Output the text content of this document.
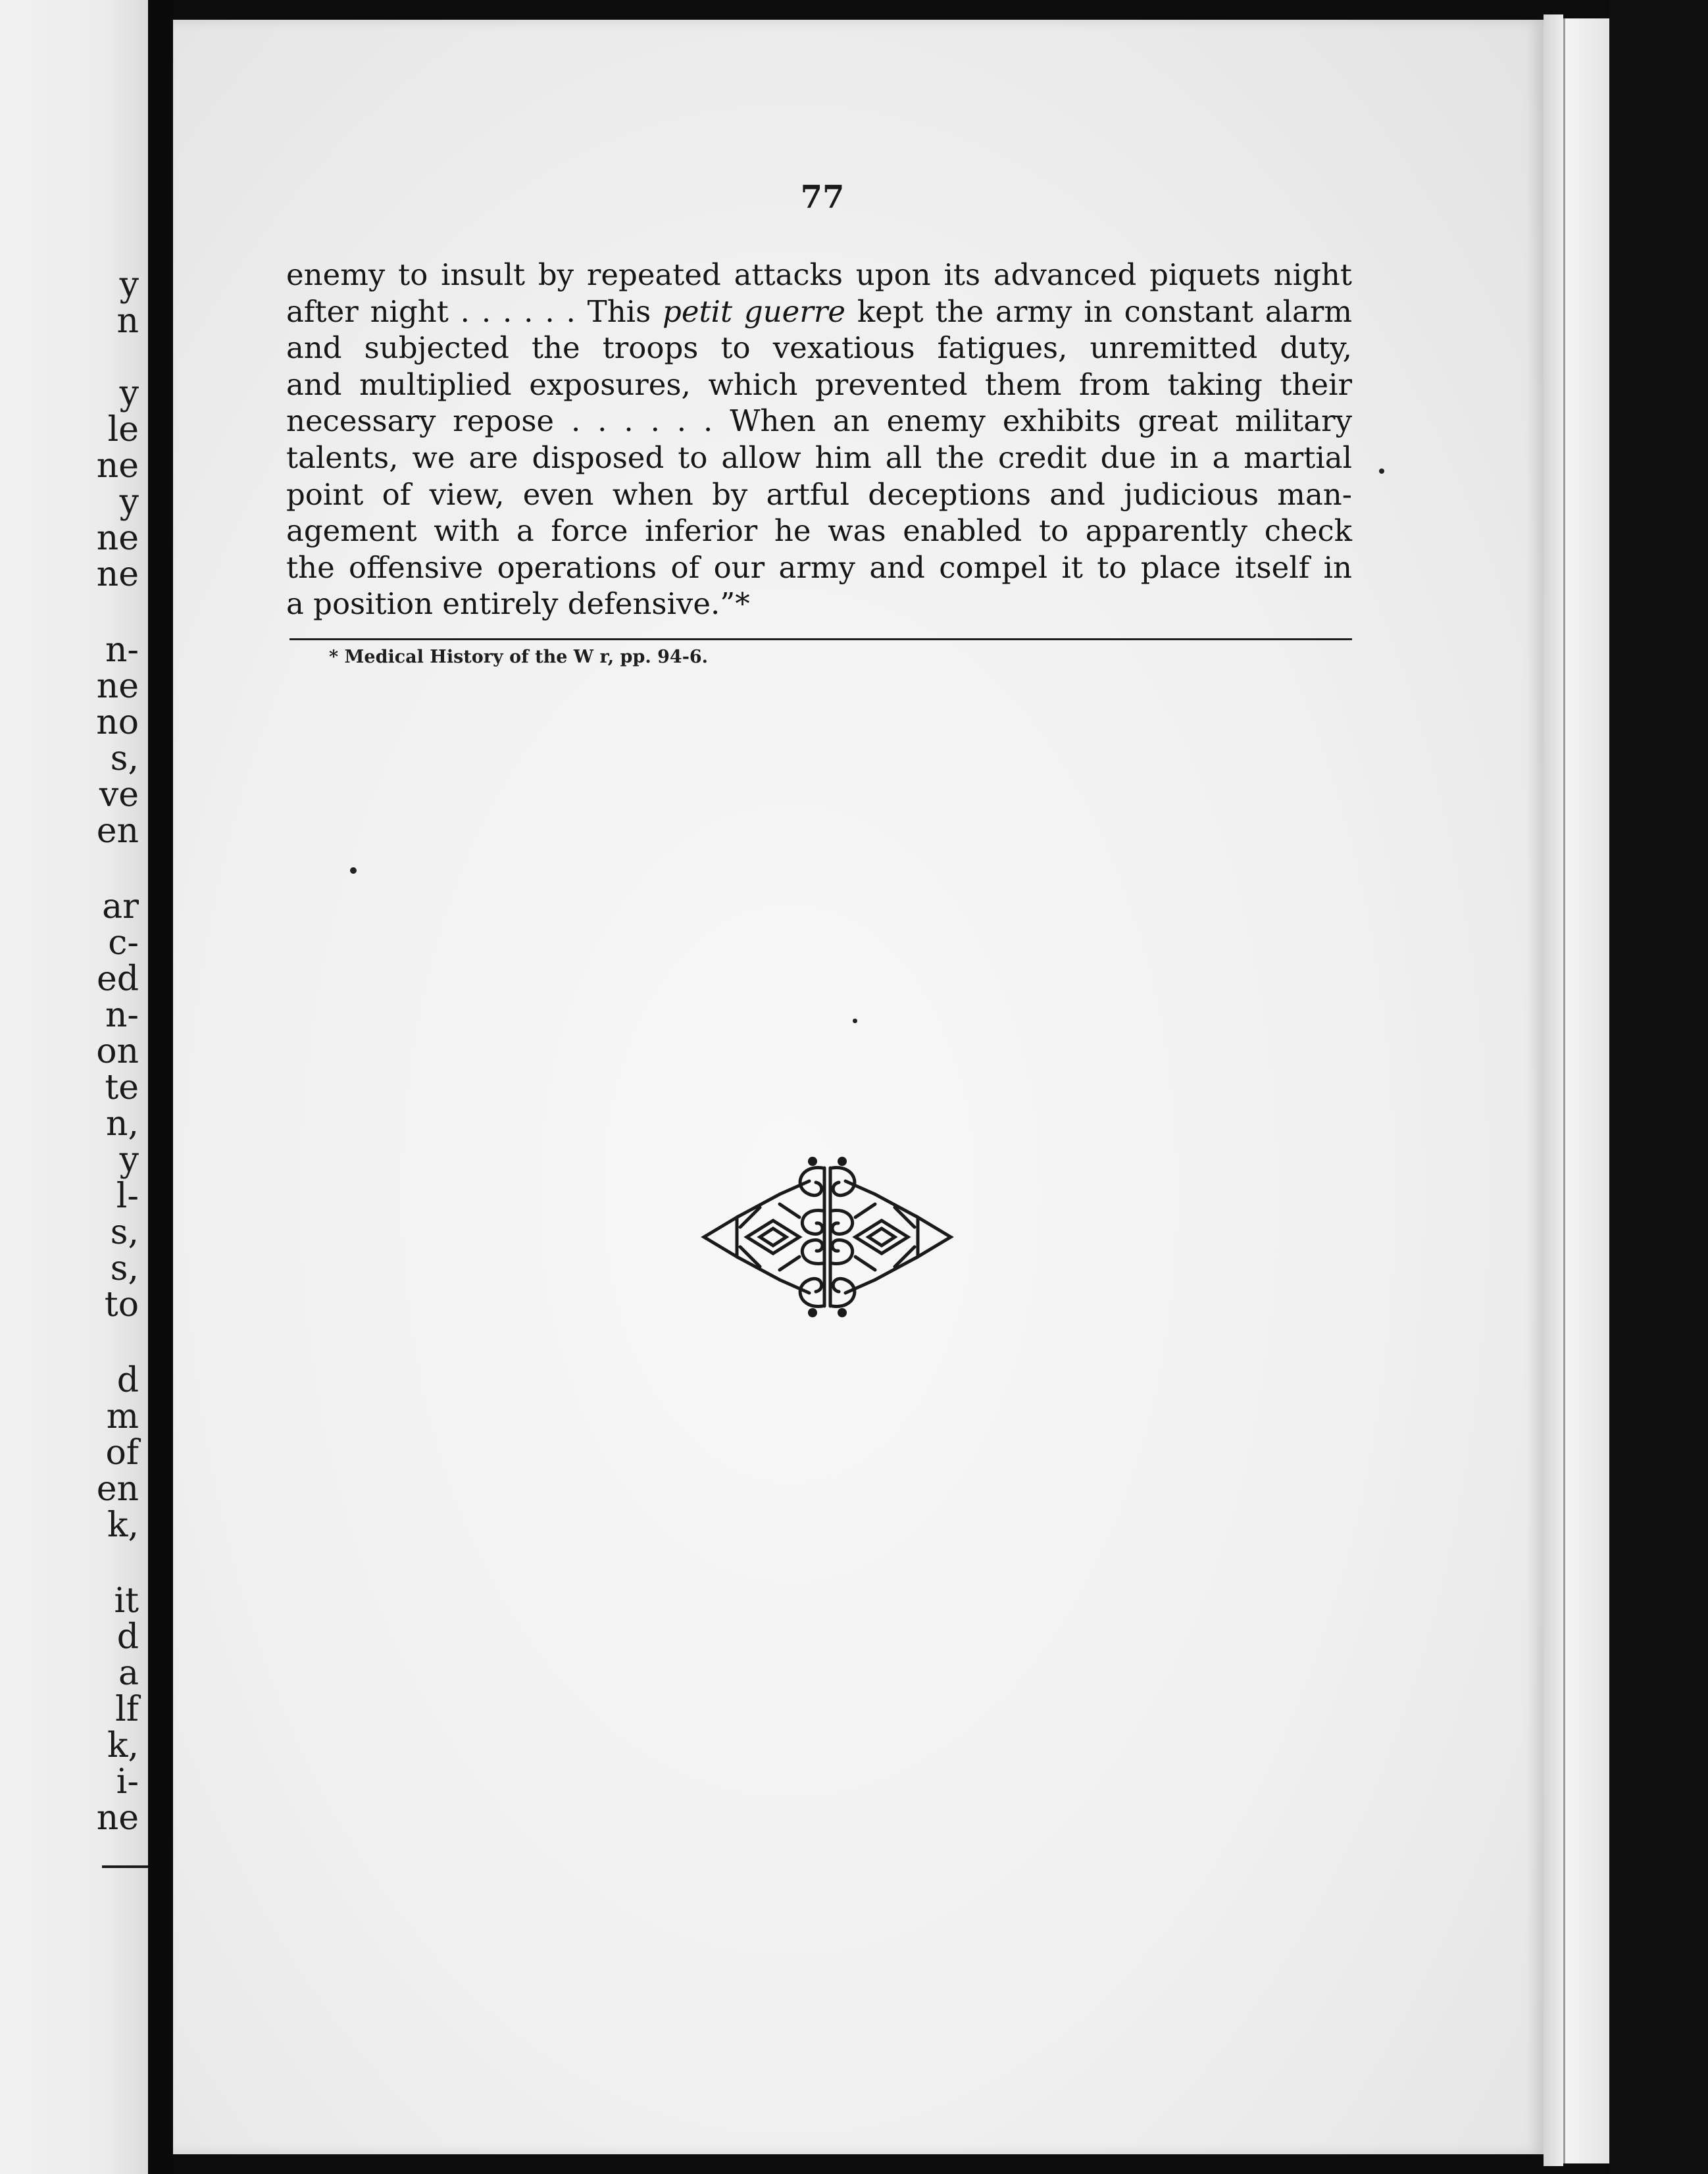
y
n
y
le
ne
y
ne
ne
n-
ne
no
s,
ve
en
ar
c-
ed
n-
on
te
n,
y
l-
s,
s,
to
d
m
of
en
k,
it
d
a
lf
k,
i-
ne
77
enemy to insult by repeated attacks upon its advanced piquets night
after night . . . . . . This petit guerre kept the army in constant alarm
and subjected the troops to vexatious fatigues, unremitted duty,
and multiplied exposures, which prevented them from taking their
necessary repose . . . . . . When an enemy exhibits great military
talents, we are disposed to allow him all the credit due in a martial
point of view, even when by artful deceptions and judicious man-
agement with a force inferior he was enabled to apparently check
the offensive operations of our army and compel it to place itself in
a position entirely defensive.”*
* Medical History of the W r, pp. 94-6.
